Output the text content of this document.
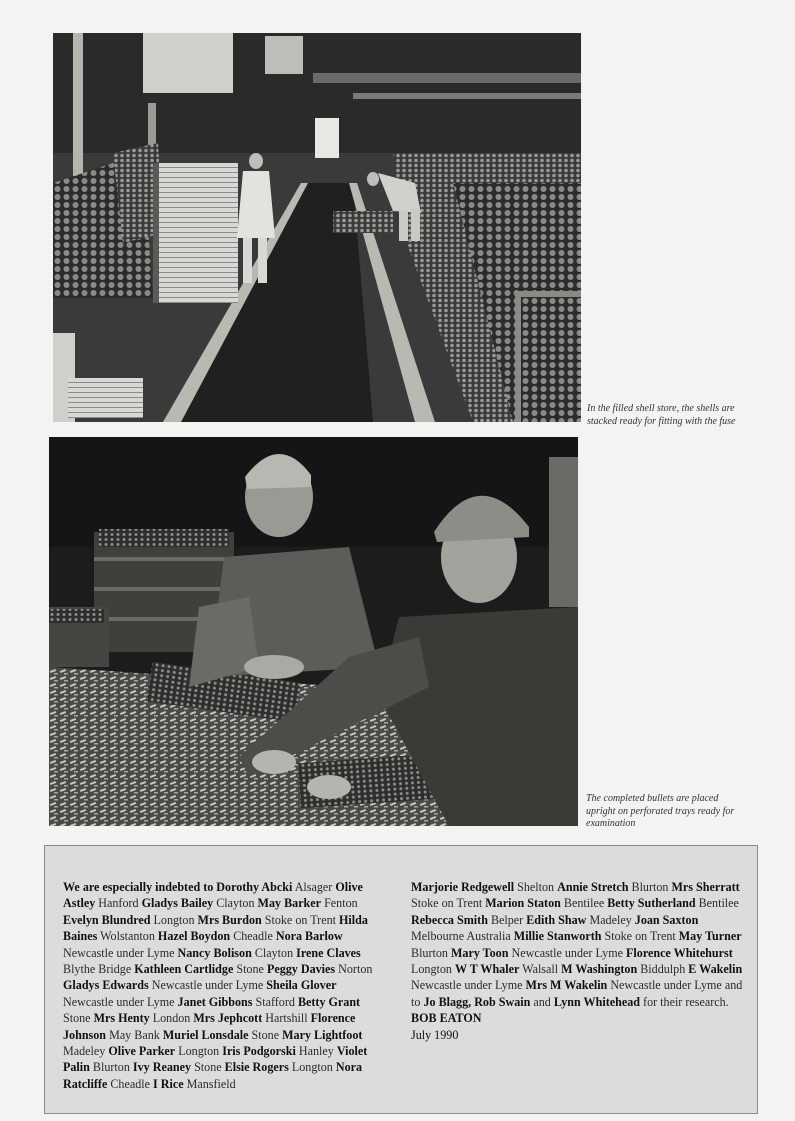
In the filled shell store, the shells are
stacked ready for fitting with the fuse
The completed bullets are placed
upright on perforated trays ready for
examination
We are especially indebted to Dorothy Abcki Alsager Olive Astley Hanford Gladys Bailey Clayton May Barker Fenton Evelyn Blundred Longton Mrs Burdon Stoke on Trent Hilda Baines Wolstanton Hazel Boydon Cheadle Nora Barlow Newcastle under Lyme Nancy Bolison Clayton Irene Claves Blythe Bridge Kathleen Cartlidge Stone Peggy Davies Norton Gladys Edwards Newcastle under Lyme Sheila Glover Newcastle under Lyme Janet Gibbons Stafford Betty Grant Stone Mrs Henty London Mrs Jephcott Hartshill Florence Johnson May Bank Muriel Lonsdale Stone Mary Lightfoot Madeley Olive Parker Longton Iris Podgorski Hanley Violet Palin Blurton Ivy Reaney Stone Elsie Rogers Longton Nora Ratcliffe Cheadle I Rice Mansfield
Marjorie Redgewell Shelton Annie Stretch Blurton Mrs Sherratt Stoke on Trent Marion Staton Bentilee Betty Sutherland Bentilee Rebecca Smith Belper Edith Shaw Madeley Joan Saxton Melbourne Australia Millie Stanworth Stoke on Trent May Turner Blurton Mary Toon Newcastle under Lyme Florence Whitehurst Longton W T Whaler Walsall M Washington Biddulph E Wakelin Newcastle under Lyme Mrs M Wakelin Newcastle under Lyme and to Jo Blagg, Rob Swain and Lynn Whitehead for their research.
BOB EATON
July 1990
